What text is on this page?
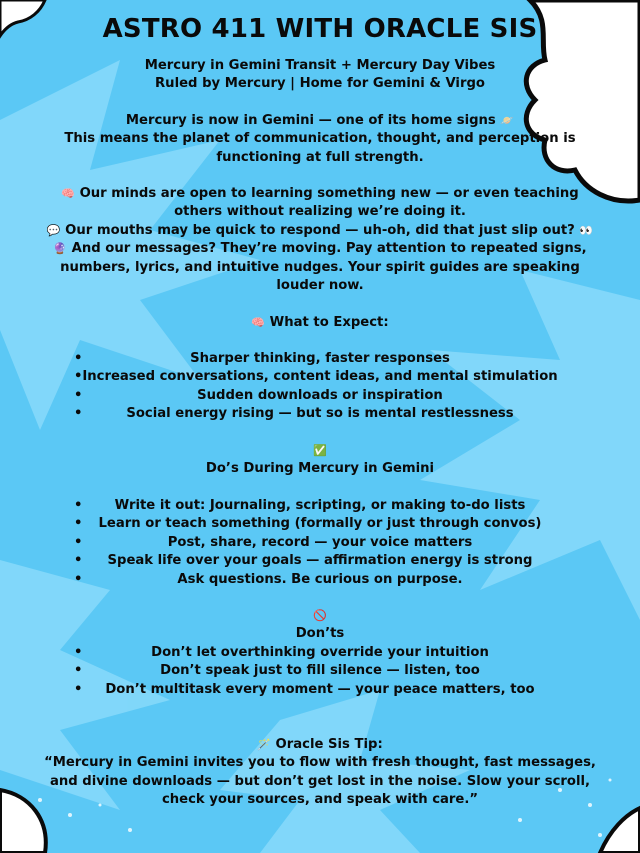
ASTRO 411 WITH ORACLE SIS
Mercury in Gemini Transit + Mercury Day Vibes
Ruled by Mercury | Home for Gemini & Virgo
Mercury is now in Gemini — one of its home signs 🪐
This means the planet of communication, thought, and perception is
functioning at full strength.
🧠 Our minds are open to learning something new — or even teaching
others without realizing we’re doing it.
💬 Our mouths may be quick to respond — uh-oh, did that just slip out? 👀
🔮 And our messages? They’re moving. Pay attention to repeated signs,
numbers, lyrics, and intuitive nudges. Your spirit guides are speaking
louder now.
🧠 What to Expect:
•	Sharper thinking, faster responses
• Increased conversations, content ideas, and mental stimulation
•	Sudden downloads or inspiration
•	Social energy rising — but so is mental restlessness
✅
Do’s During Mercury in Gemini
• Write it out: Journaling, scripting, or making to-do lists
• Learn or teach something (formally or just through convos)
•	Post, share, record — your voice matters
• Speak life over your goals — affirmation energy is strong
•	Ask questions. Be curious on purpose.
🚫
Don’ts
•	Don’t let overthinking override your intuition
•	Don’t speak just to fill silence — listen, too
• Don’t multitask every moment — your peace matters, too
🪄 Oracle Sis Tip:
“Mercury in Gemini invites you to flow with fresh thought, fast messages,
and divine downloads — but don’t get lost in the noise. Slow your scroll,
check your sources, and speak with care.”
